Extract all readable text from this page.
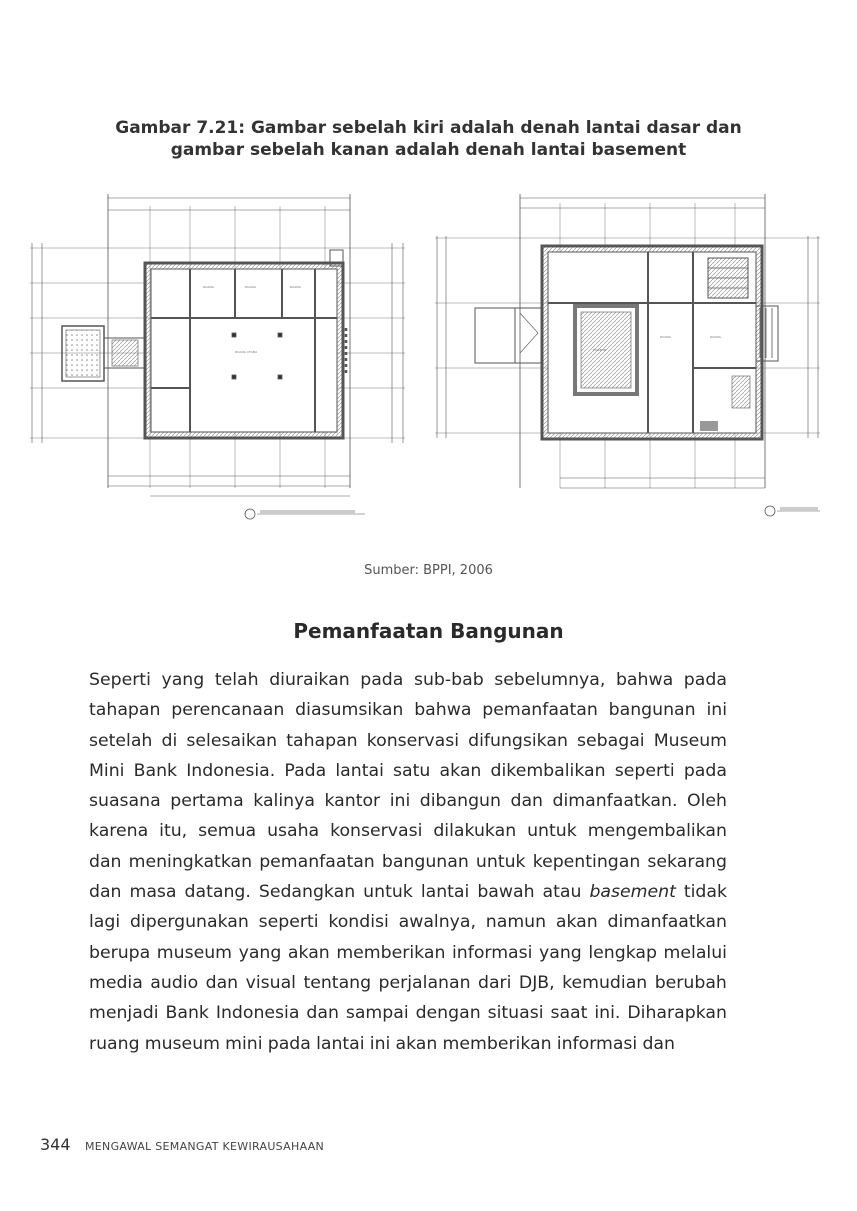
Gambar 7.21: Gambar sebelah kiri adalah denah lantai dasar dan
gambar sebelah kanan adalah denah lantai basement
RUANG	RUANG	RUANG
RUANG UTAMA	MUSEUM
RUANG
RUANG
Sumber: BPPI, 2006
Pemanfaatan Bangunan
Seperti yang telah diuraikan pada sub-bab sebelumnya, bahwa pada
tahapan perencanaan diasumsikan bahwa pemanfaatan bangunan ini
setelah di selesaikan tahapan konservasi difungsikan sebagai Museum
Mini Bank Indonesia. Pada lantai satu akan dikembalikan seperti pada
suasana pertama kalinya kantor ini dibangun dan dimanfaatkan. Oleh
karena itu, semua usaha konservasi dilakukan untuk mengembalikan
dan meningkatkan pemanfaatan bangunan untuk kepentingan sekarang
dan masa datang. Sedangkan untuk lantai bawah atau basement tidak
lagi dipergunakan seperti kondisi awalnya, namun akan dimanfaatkan
berupa museum yang akan memberikan informasi yang lengkap melalui
media audio dan visual tentang perjalanan dari DJB, kemudian berubah
menjadi Bank Indonesia dan sampai dengan situasi saat ini. Diharapkan
ruang museum mini pada lantai ini akan memberikan informasi dan
344 MENGAWAL SEMANGAT KEWIRAUSAHAAN
